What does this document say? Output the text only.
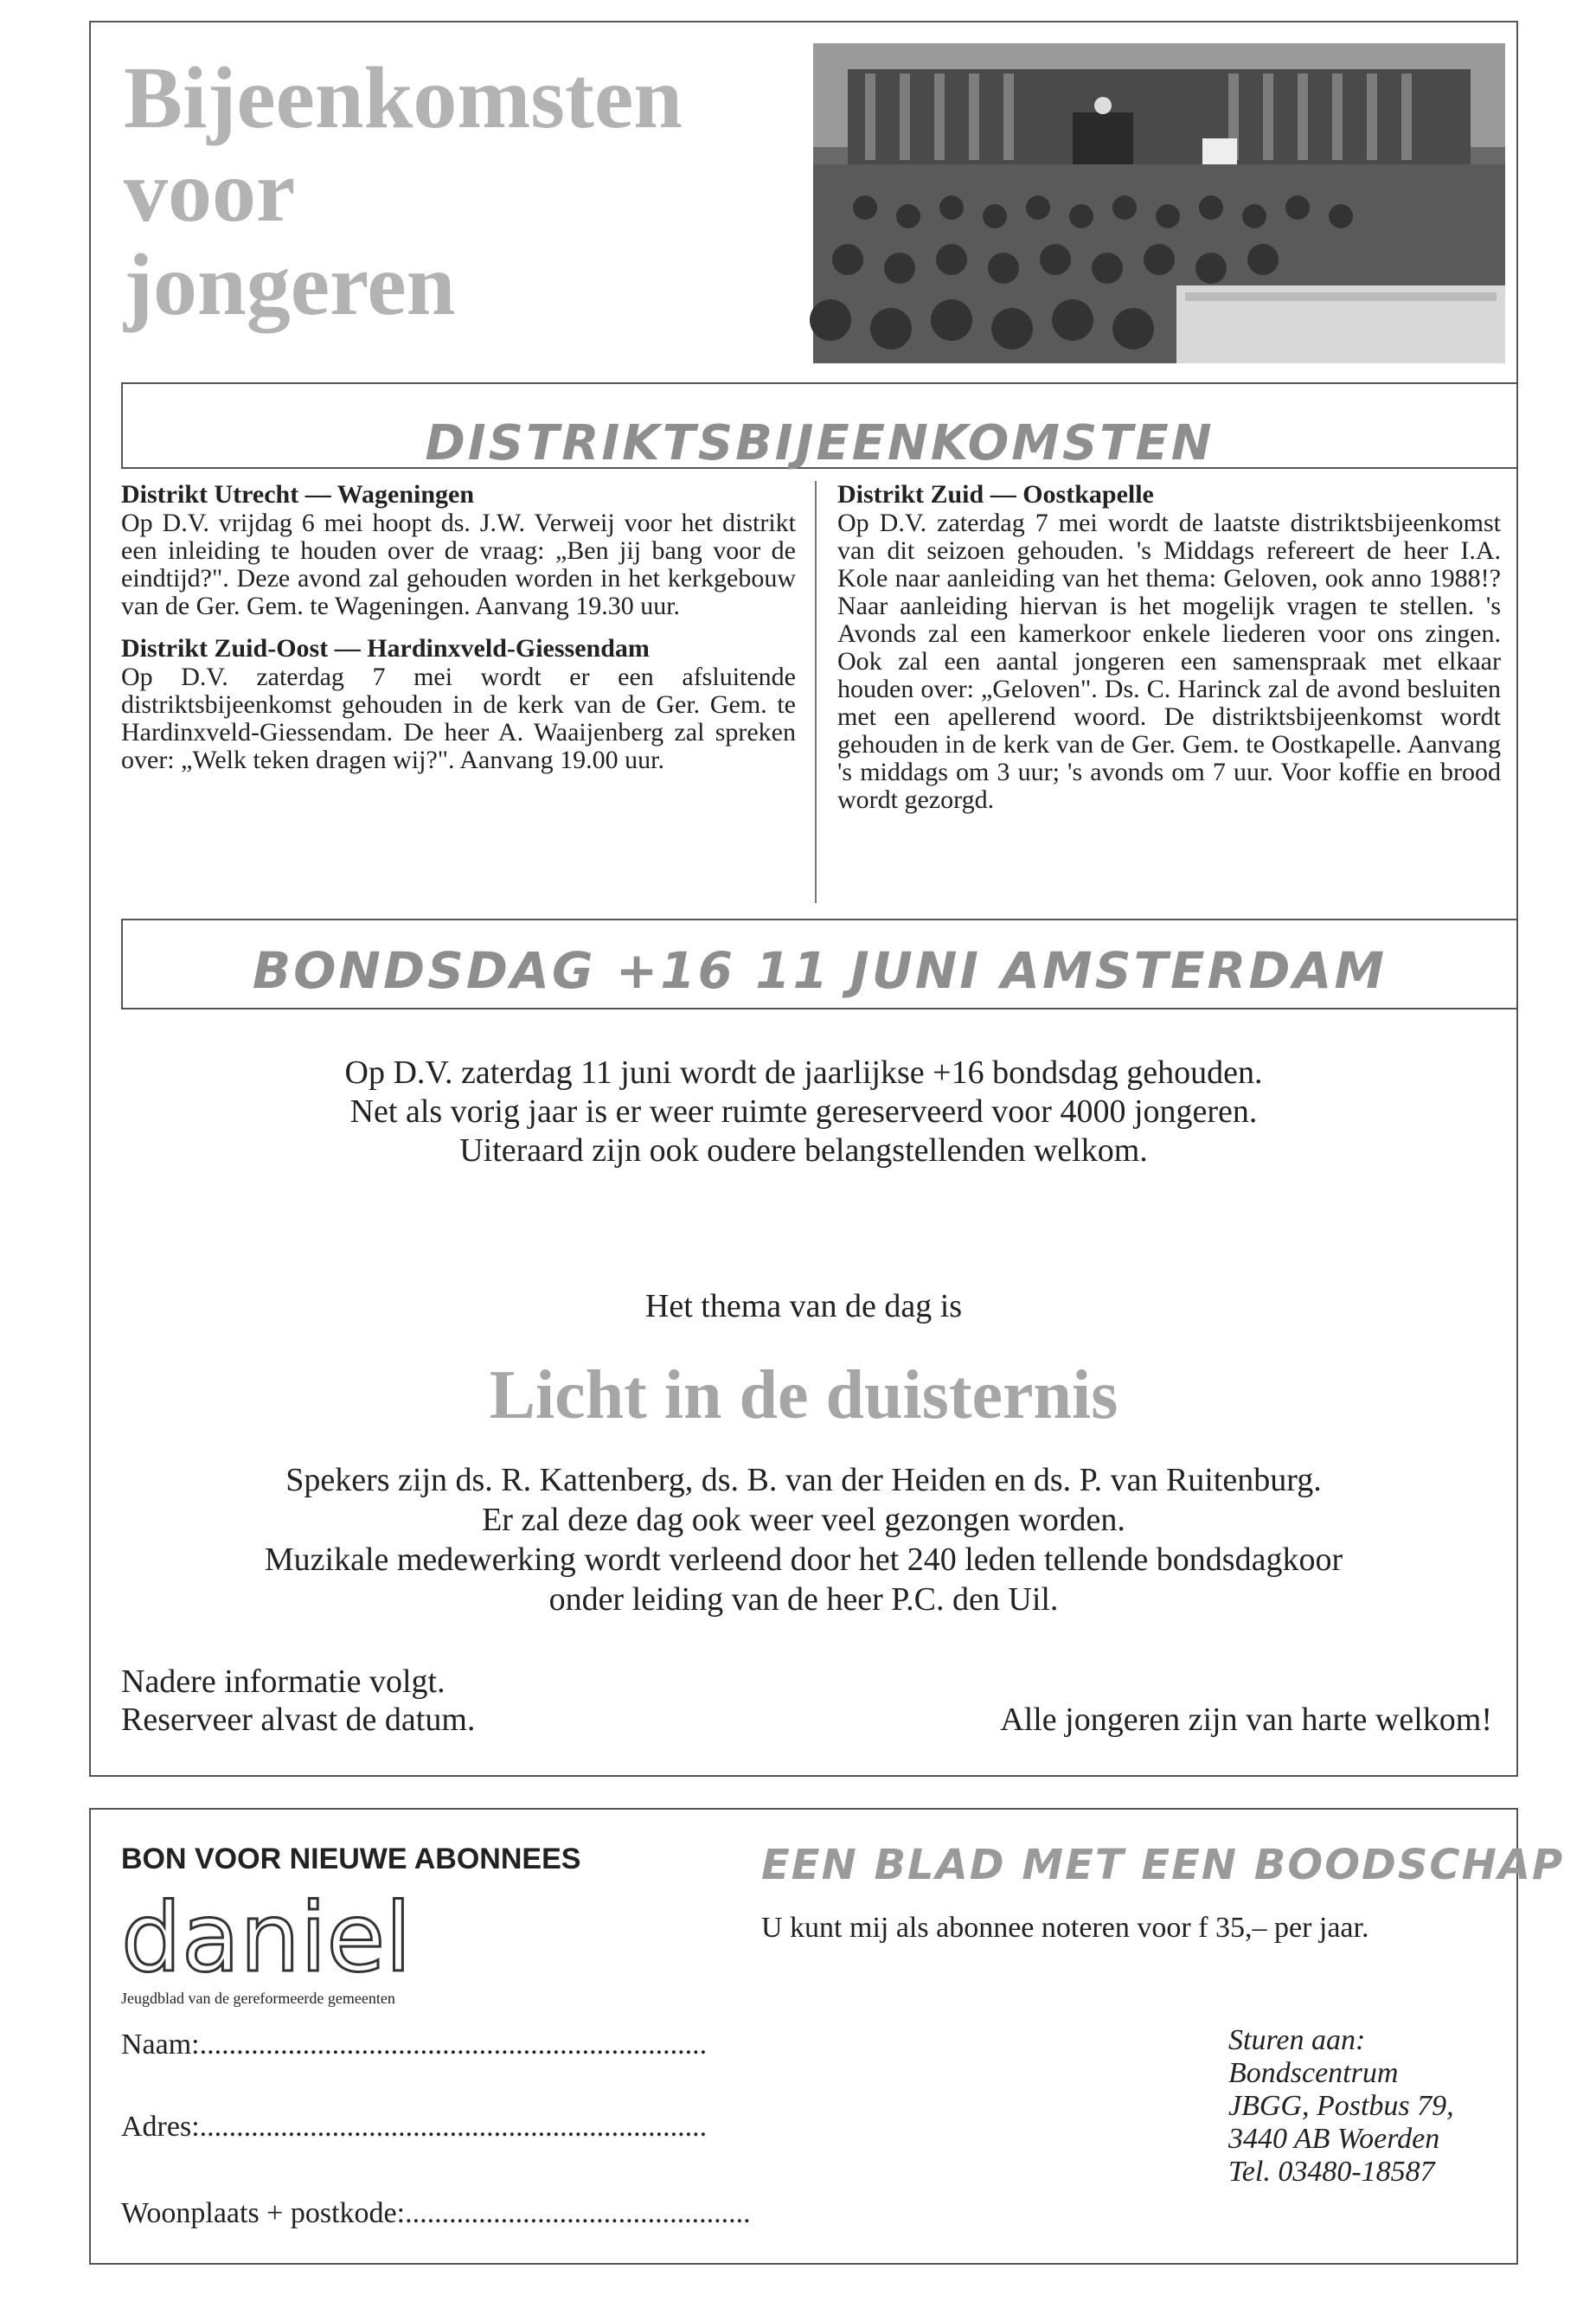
Bijeenkomsten
voor
jongeren
DISTRIKTSBIJEENKOMSTEN
Distrikt Utrecht — Wageningen

Op D.V. vrijdag 6 mei hoopt ds. J.W. Verweij voor het distrikt een inleiding te houden over de vraag: „Ben jij bang voor de eindtijd?". Deze avond zal gehouden worden in het kerkgebouw van de Ger. Gem. te Wageningen. Aanvang 19.30 uur.

Distrikt Zuid-Oost — Hardinxveld-Giessendam

Op D.V. zaterdag 7 mei wordt er een afsluitende distriktsbijeenkomst gehouden in de kerk van de Ger. Gem. te Hardinxveld-Giessendam. De heer A. Waaijenberg zal spreken over: „Welk teken dragen wij?". Aanvang 19.00 uur.

Distrikt Zuid — Oostkapelle

Op D.V. zaterdag 7 mei wordt de laatste distriktsbijeenkomst van dit seizoen gehouden. 's Middags refereert de heer I.A. Kole naar aanleiding van het thema: Geloven, ook anno 1988!? Naar aanleiding hiervan is het mogelijk vragen te stellen. 's Avonds zal een kamerkoor enkele liederen voor ons zingen. Ook zal een aantal jongeren een samenspraak met elkaar houden over: „Geloven". Ds. C. Harinck zal de avond besluiten met een apellerend woord. De distriktsbijeenkomst wordt gehouden in de kerk van de Ger. Gem. te Oostkapelle. Aanvang 's middags om 3 uur; 's avonds om 7 uur. Voor koffie en brood wordt gezorgd.

BONDSDAG +16 11 JUNI AMSTERDAM
Op D.V. zaterdag 11 juni wordt de jaarlijkse +16 bondsdag gehouden.
Net als vorig jaar is er weer ruimte gereserveerd voor 4000 jongeren.
Uiteraard zijn ook oudere belangstellenden welkom.
Het thema van de dag is
Licht in de duisternis
Spekers zijn ds. R. Kattenberg, ds. B. van der Heiden en ds. P. van Ruitenburg.
Er zal deze dag ook weer veel gezongen worden.
Muzikale medewerking wordt verleend door het 240 leden tellende bondsdagkoor
onder leiding van de heer P.C. den Uil.
Nadere informatie volgt.
Reserveer alvast de datum.	Alle jongeren zijn van harte welkom!
BON VOOR NIEUWE ABONNEES	EEN BLAD MET EEN BOODSCHAP
U kunt mij als abonnee noteren voor f 35,– per jaar.
daniel
Jeugdblad van de gereformeerde gemeenten
Naam:.....................................................................
Adres:.....................................................................
Woonplaats + postkode:...............................................
Sturen aan:
Bondscentrum
JBGG, Postbus 79,
3440 AB Woerden
Tel. 03480-18587
